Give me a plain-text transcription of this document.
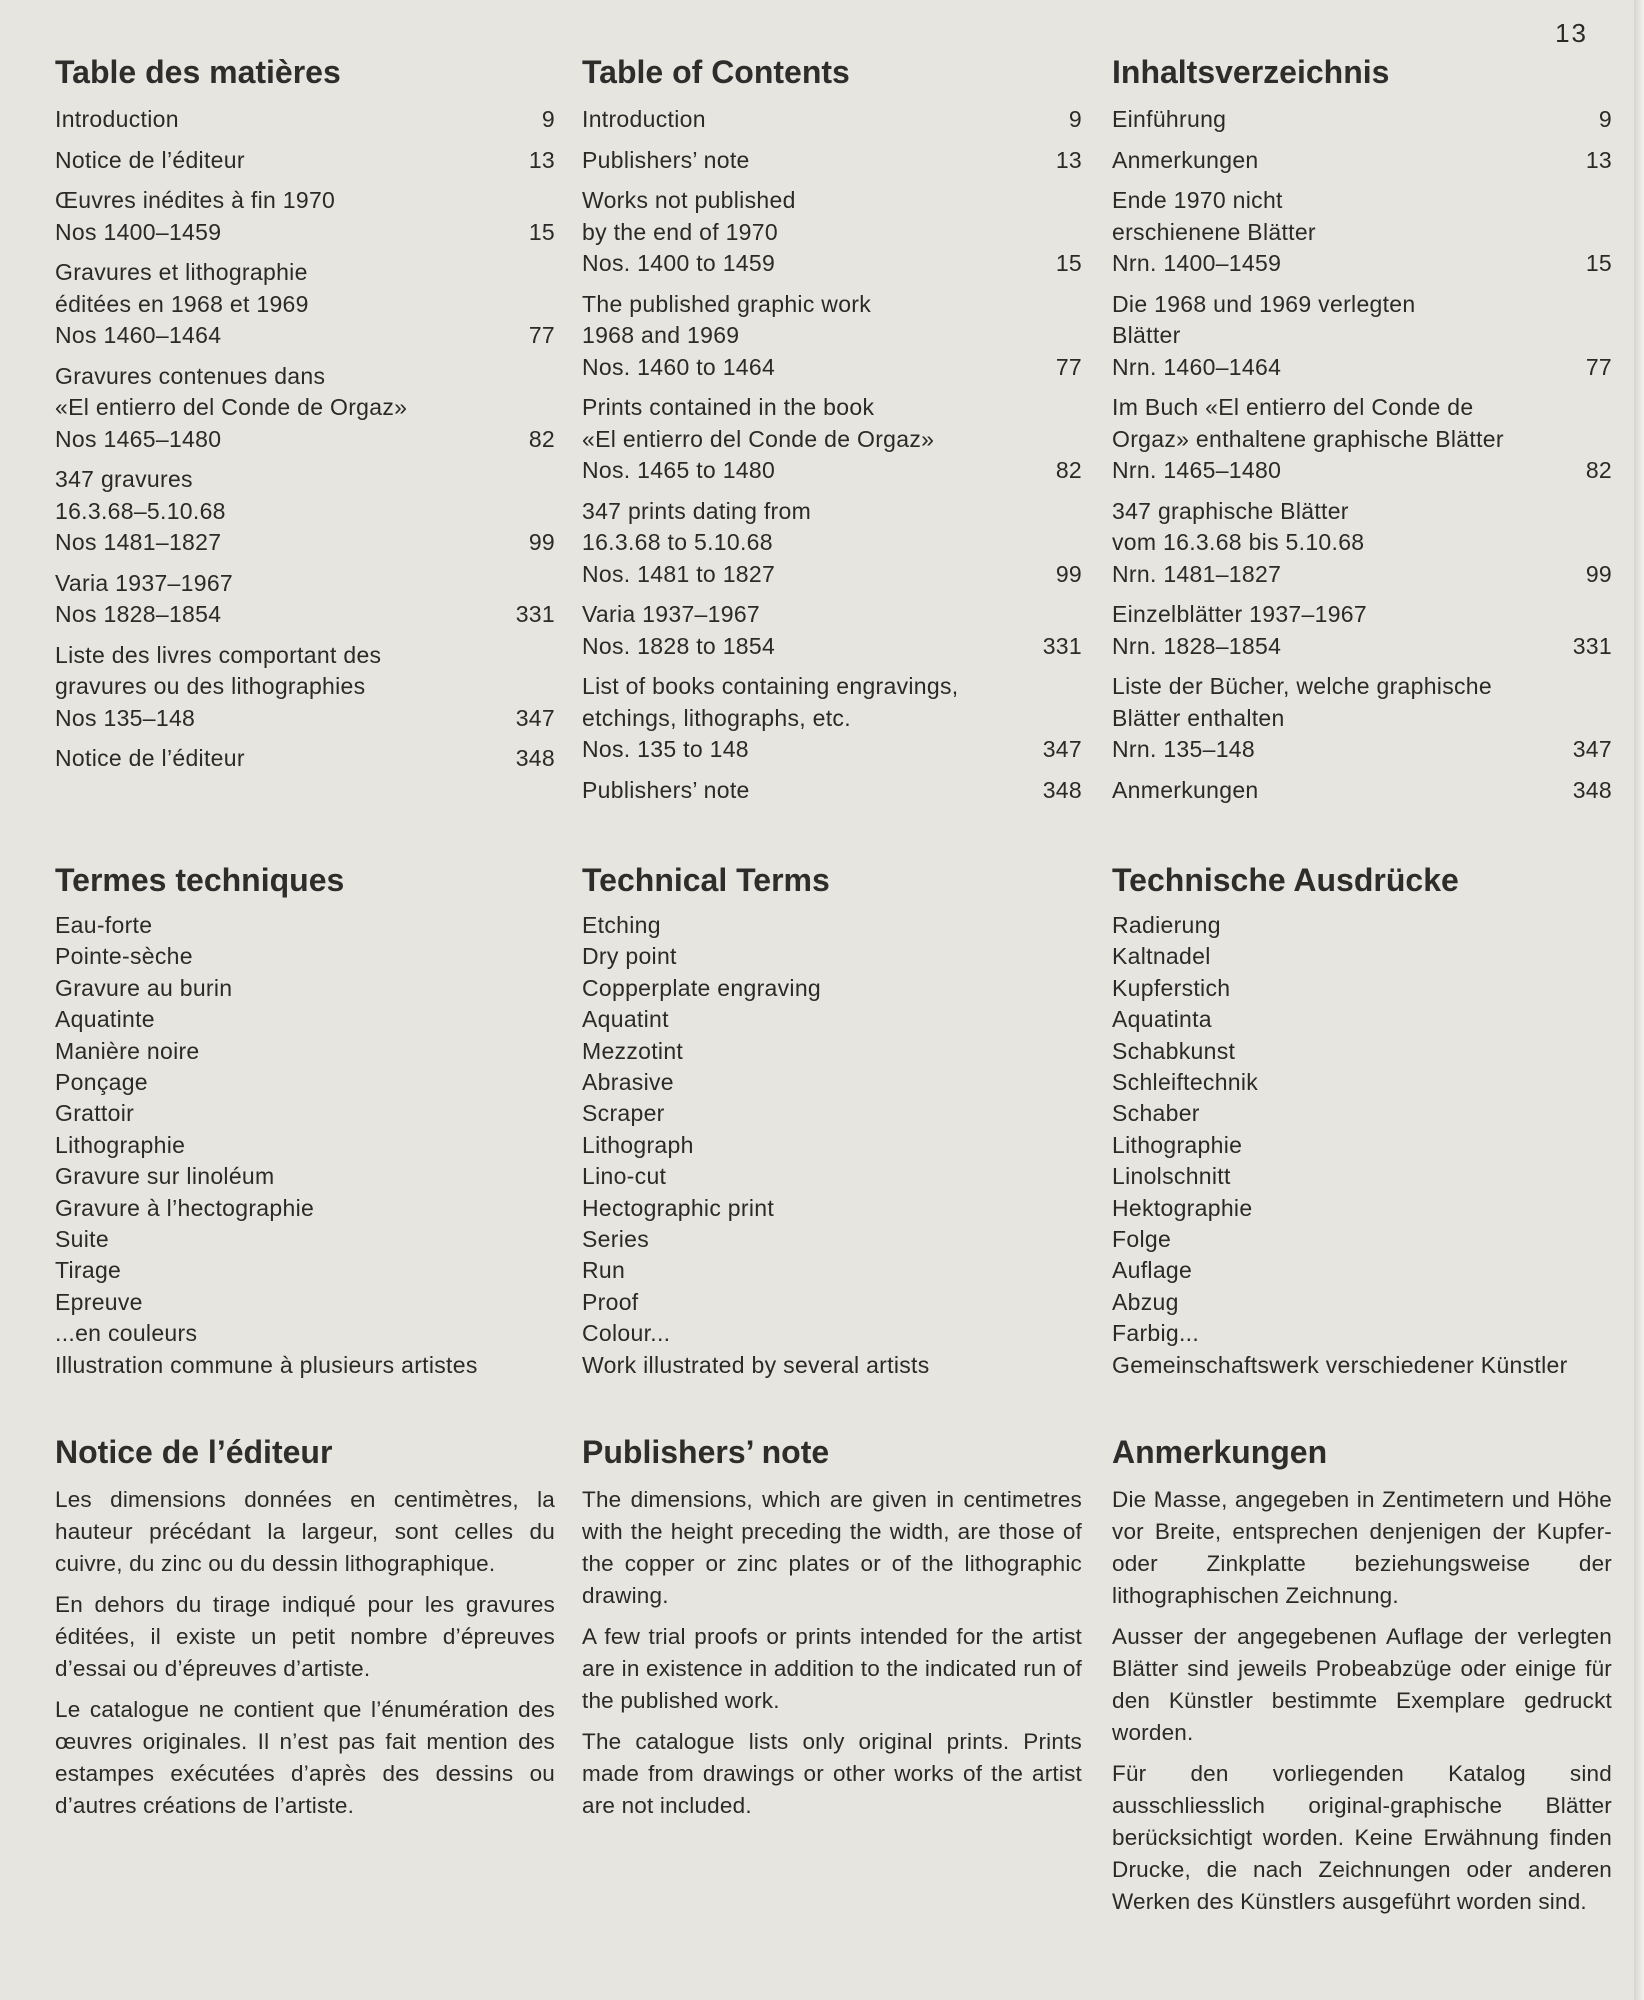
13
Table des matières
Introduction	9
Notice de l’éditeur	13
Œuvres inédites à fin 1970
Nos 1400–1459	15
Gravures et lithographie
éditées en 1968 et 1969
Nos 1460–1464	77
Gravures contenues dans
«El entierro del Conde de Orgaz»
Nos 1465–1480	82
347 gravures
16.3.68–5.10.68
Nos 1481–1827	99
Varia 1937–1967
Nos 1828–1854	331
Liste des livres comportant des
gravures ou des lithographies
Nos 135–148	347
Notice de l’éditeur	348
Table of Contents
Introduction	9
Publishers’ note	13
Works not published
by the end of 1970
Nos. 1400 to 1459	15
The published graphic work
1968 and 1969
Nos. 1460 to 1464	77
Prints contained in the book
«El entierro del Conde de Orgaz»
Nos. 1465 to 1480	82
347 prints dating from
16.3.68 to 5.10.68
Nos. 1481 to 1827	99
Varia 1937–1967
Nos. 1828 to 1854	331
List of books containing engravings,
etchings, lithographs, etc.
Nos. 135 to 148	347
Publishers’ note	348
Inhaltsverzeichnis
Einführung	9
Anmerkungen	13
Ende 1970 nicht
erschienene Blätter
Nrn. 1400–1459	15
Die 1968 und 1969 verlegten
Blätter
Nrn. 1460–1464	77
Im Buch «El entierro del Conde de
Orgaz» enthaltene graphische Blätter
Nrn. 1465–1480	82
347 graphische Blätter
vom 16.3.68 bis 5.10.68
Nrn. 1481–1827	99
Einzelblätter 1937–1967
Nrn. 1828–1854	331
Liste der Bücher, welche graphische
Blätter enthalten
Nrn. 135–148	347
Anmerkungen	348
Termes techniques
Eau-forte
Pointe-sèche
Gravure au burin
Aquatinte
Manière noire
Ponçage
Grattoir
Lithographie
Gravure sur linoléum
Gravure à l’hectographie
Suite
Tirage
Epreuve
...en couleurs
Illustration commune à plusieurs artistes
Technical Terms
Etching
Dry point
Copperplate engraving
Aquatint
Mezzotint
Abrasive
Scraper
Lithograph
Lino-cut
Hectographic print
Series
Run
Proof
Colour...
Work illustrated by several artists
Technische Ausdrücke
Radierung
Kaltnadel
Kupferstich
Aquatinta
Schabkunst
Schleiftechnik
Schaber
Lithographie
Linolschnitt
Hektographie
Folge
Auflage
Abzug
Farbig...
Gemeinschaftswerk verschiedener Künstler
Notice de l’éditeur

Les dimensions données en centimètres, la hauteur précédant la largeur, sont celles du cuivre, du zinc ou du dessin lithographique.

En dehors du tirage indiqué pour les gravures éditées, il existe un petit nombre d’épreuves d’essai ou d’épreuves d’artiste.

Le catalogue ne contient que l’énumération des œuvres originales. Il n’est pas fait mention des estampes exécutées d’après des dessins ou d’autres créations de l’artiste.

Publishers’ note

The dimensions, which are given in centimetres with the height preceding the width, are those of the copper or zinc plates or of the lithographic drawing.

A few trial proofs or prints intended for the artist are in existence in addition to the indicated run of the published work.

The catalogue lists only original prints. Prints made from drawings or other works of the artist are not included.

Anmerkungen

Die Masse, angegeben in Zentimetern und Höhe vor Breite, entsprechen denjenigen der Kupfer- oder Zinkplatte beziehungsweise der lithographischen Zeichnung.

Ausser der angegebenen Auflage der verlegten Blätter sind jeweils Probeabzüge oder einige für den Künstler bestimmte Exemplare gedruckt worden.

Für den vorliegenden Katalog sind ausschliesslich original-graphische Blätter berücksichtigt worden. Keine Erwähnung finden Drucke, die nach Zeichnungen oder anderen Werken des Künstlers ausgeführt worden sind.
